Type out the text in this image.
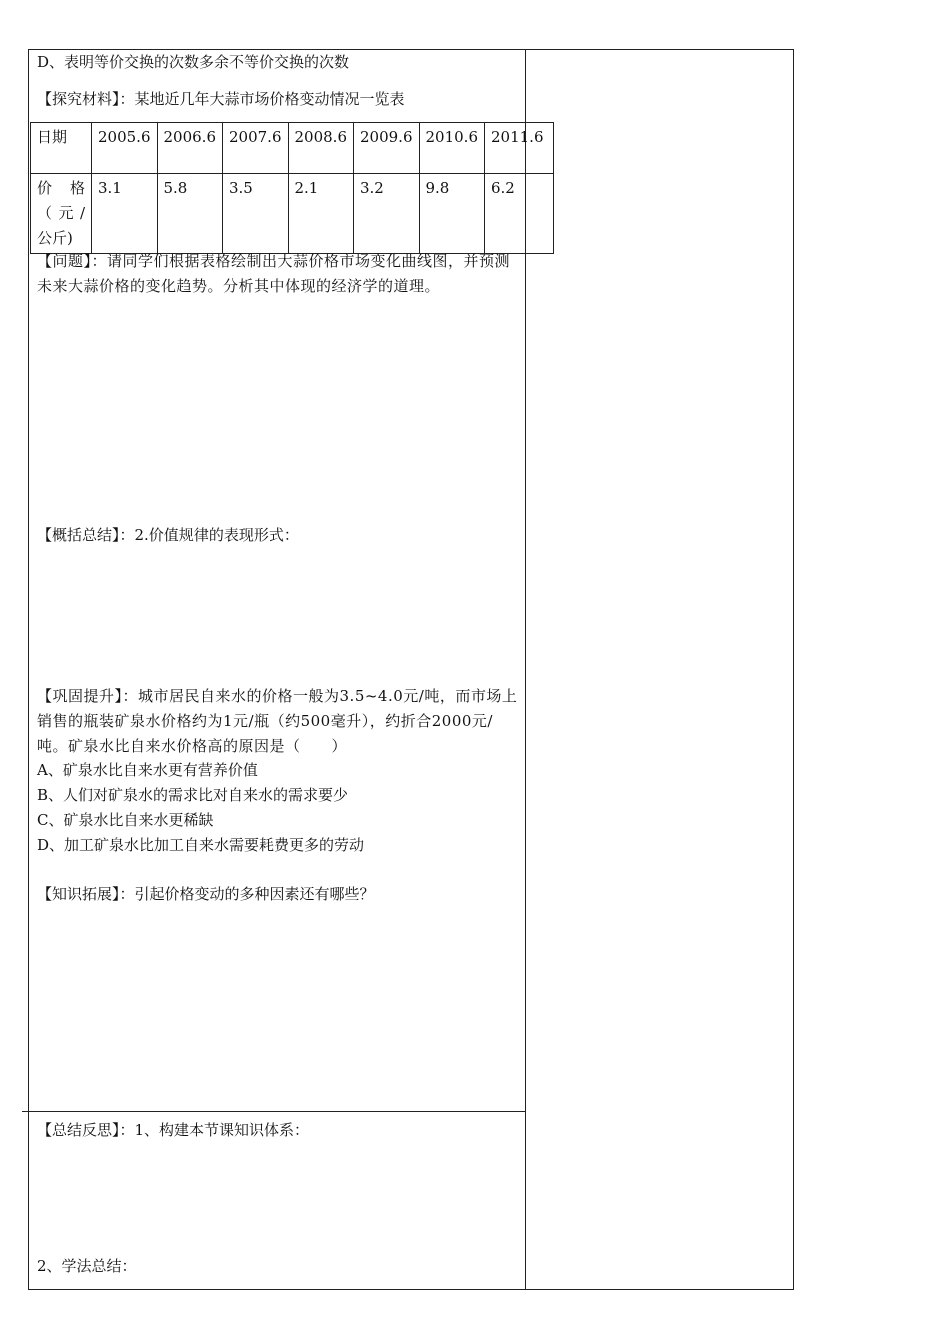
D、表明等价交换的次数多余不等价交换的次数
【探究材料】：某地近几年大蒜市场价格变动情况一览表
日期	2005.6	2006.6	2007.6	2008.6	2009.6	2010.6	2011.6
价 格（元/公斤)	3.1	5.8	3.5	2.1	3.2	9.8	6.2
【问题】：请同学们根据表格绘制出大蒜价格市场变化曲线图，并预测未来大蒜价格的变化趋势。分析其中体现的经济学的道理。
【概括总结】：2.价值规律的表现形式：
【巩固提升】：城市居民自来水的价格一般为3.5~4.0元/吨，而市场上销售的瓶装矿泉水价格约为1元/瓶（约500毫升），约折合2000元/吨。矿泉水比自来水价格高的原因是（　　）
A、矿泉水比自来水更有营养价值
B、人们对矿泉水的需求比对自来水的需求要少
C、矿泉水比自来水更稀缺
D、加工矿泉水比加工自来水需要耗费更多的劳动
【知识拓展】：引起价格变动的多种因素还有哪些？
【总结反思】：1、构建本节课知识体系：
2、学法总结：
